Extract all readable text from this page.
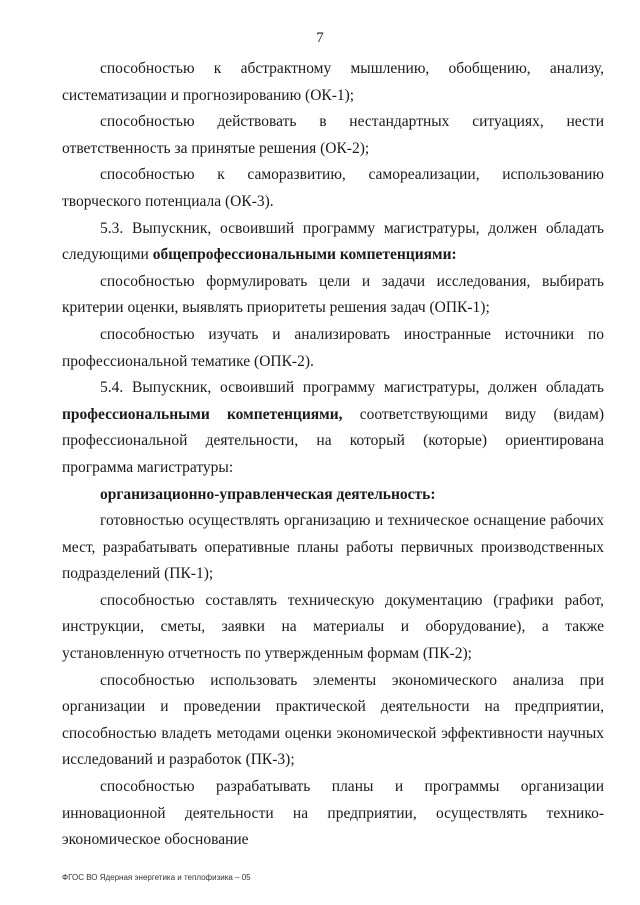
7

способностью к абстрактному мышлению, обобщению, анализу, систематизации и прогнозированию (ОК-1);

способностью действовать в нестандартных ситуациях, нести ответственность за принятые решения (ОК-2);

способностью к саморазвитию, самореализации, использованию творческого потенциала (ОК-3).

5.3. Выпускник, освоивший программу магистратуры, должен обладать следующими общепрофессиональными компетенциями:

способностью формулировать цели и задачи исследования, выбирать критерии оценки, выявлять приоритеты решения задач (ОПК-1);

способностью изучать и анализировать иностранные источники по профессиональной тематике (ОПК-2).

5.4. Выпускник, освоивший программу магистратуры, должен обладать профессиональными компетенциями, соответствующими виду (видам) профессиональной деятельности, на который (которые) ориентирована программа магистратуры:

организационно-управленческая деятельность:

готовностью осуществлять организацию и техническое оснащение рабочих мест, разрабатывать оперативные планы работы первичных производственных подразделений (ПК-1);

способностью составлять техническую документацию (графики работ, инструкции, сметы, заявки на материалы и оборудование), а также установленную отчетность по утвержденным формам (ПК-2);

способностью использовать элементы экономического анализа при организации и проведении практической деятельности на предприятии, способностью владеть методами оценки экономической эффективности научных исследований и разработок (ПК-3);

способностью разрабатывать планы и программы организации инновационной деятельности на предприятии, осуществлять технико-экономическое обоснование

ФГОС ВО Ядерная энергетика и теплофизика – 05
